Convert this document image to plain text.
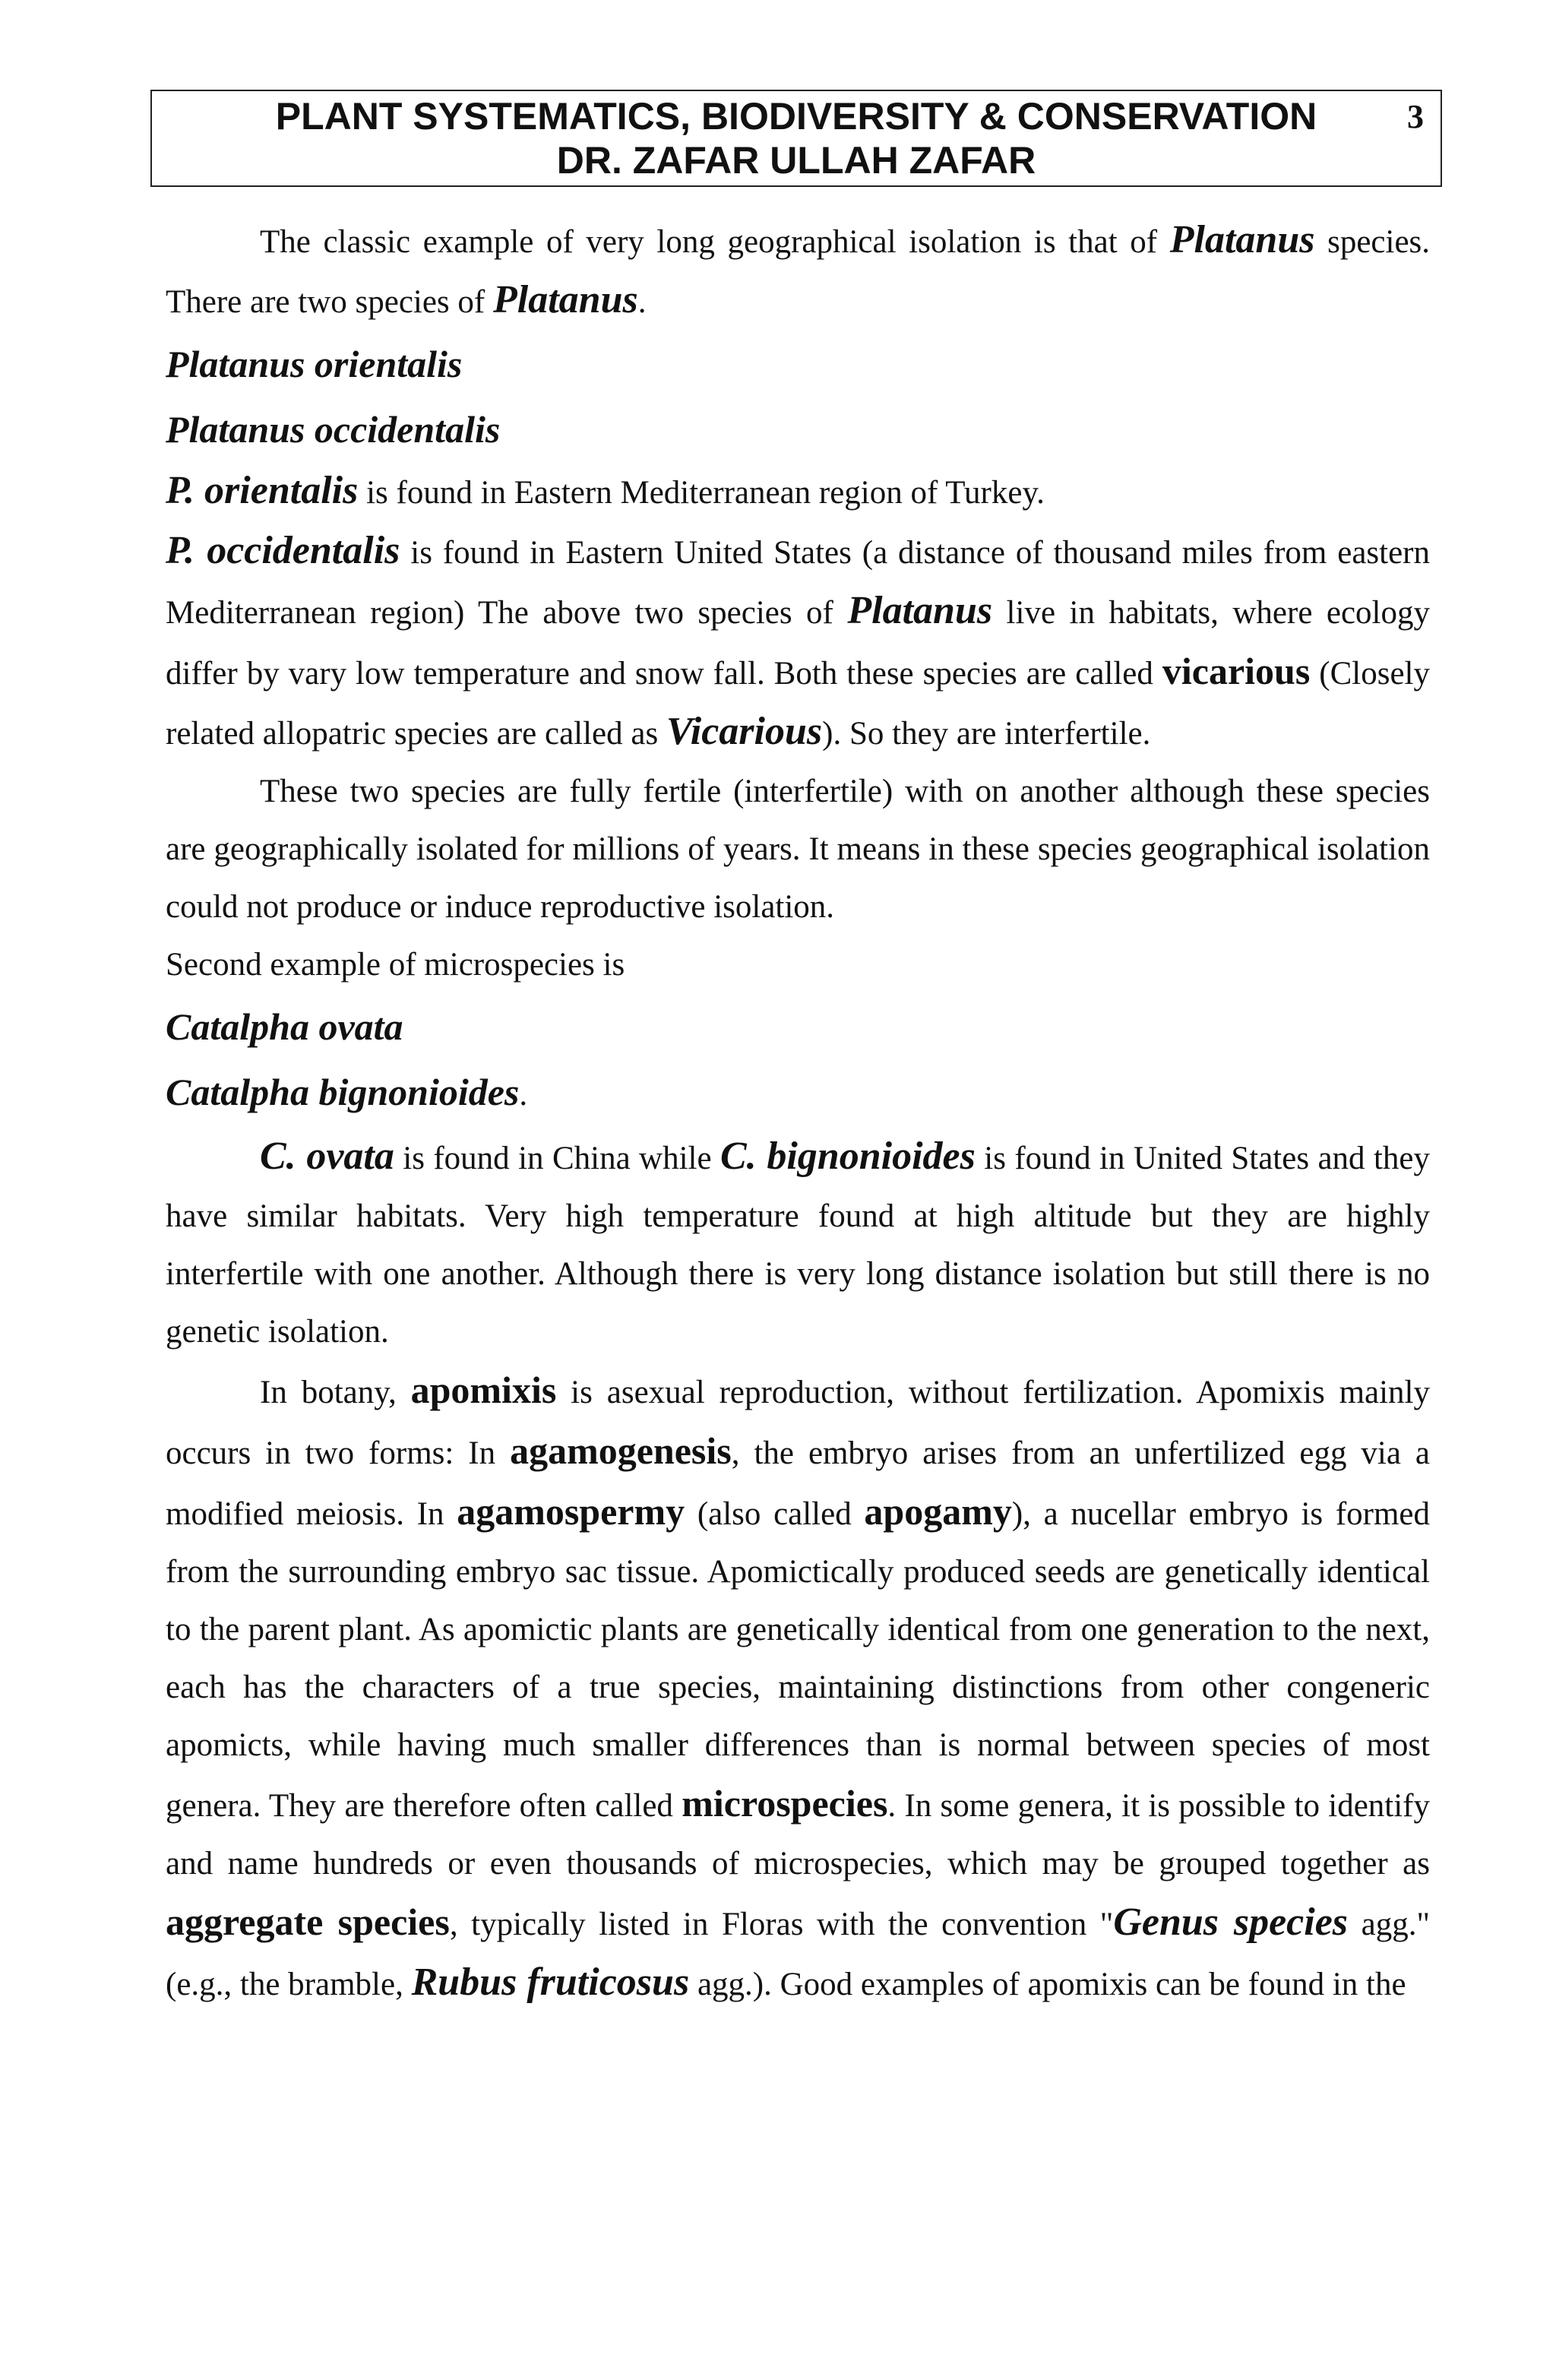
PLANT SYSTEMATICS, BIODIVERSITY & CONSERVATION
DR. ZAFAR ULLAH ZAFAR
3

The classic example of very long geographical isolation is that of Platanus species. There are two species of Platanus.

Platanus orientalis

Platanus occidentalis

P. orientalis is found in Eastern Mediterranean region of Turkey.

P. occidentalis is found in Eastern United States (a distance of thousand miles from eastern Mediterranean region) The above two species of Platanus live in habitats, where ecology differ by vary low temperature and snow fall. Both these species are called vicarious (Closely related allopatric species are called as Vicarious). So they are interfertile.

These two species are fully fertile (interfertile) with on another although these species are geographically isolated for millions of years. It means in these species geographical isolation could not produce or induce reproductive isolation.

Second example of microspecies is

Catalpha ovata

Catalpha bignonioides.

C. ovata is found in China while C. bignonioides is found in United States and they have similar habitats. Very high temperature found at high altitude but they are highly interfertile with one another. Although there is very long distance isolation but still there is no genetic isolation.

In botany, apomixis is asexual reproduction, without fertilization. Apomixis mainly occurs in two forms: In agamogenesis, the embryo arises from an unfertilized egg via a modified meiosis. In agamospermy (also called apogamy), a nucellar embryo is formed from the surrounding embryo sac tissue. Apomictically produced seeds are genetically identical to the parent plant. As apomictic plants are genetically identical from one generation to the next, each has the characters of a true species, maintaining distinctions from other congeneric apomicts, while having much smaller differences than is normal between species of most genera. They are therefore often called microspecies. In some genera, it is possible to identify and name hundreds or even thousands of microspecies, which may be grouped together as aggregate species, typically listed in Floras with the convention "Genus species agg." (e.g., the bramble, Rubus fruticosus agg.). Good examples of apomixis can be found in the
